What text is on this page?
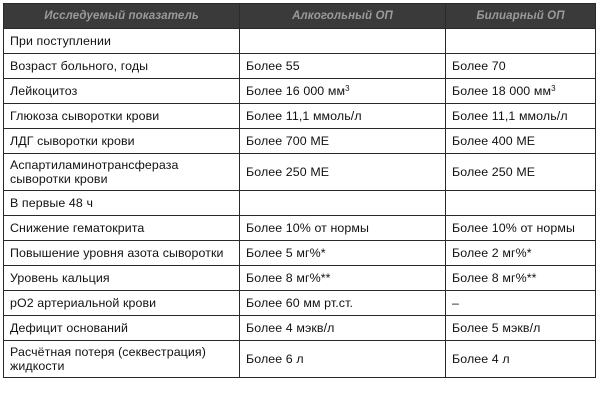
Исследуемый показатель	Алкогольный ОП	Билиарный ОП
При поступлении		
Возраст больного, годы	Более 55	Более 70
Лейкоцитоз	Более 16 000 $мм^3$	Более 18 000 $мм^3$
Глюкоза сыворотки крови	Более 11,1 ммоль/л	Более 11,1 ммоль/л
ЛДГ сыворотки крови	Более 700 МЕ	Более 400 МЕ
Аспартиламинотрансфераза сыворотки крови	Более 250 МЕ	Более 250 МЕ
В первые 48 ч		
Снижение гематокрита	Более 10% от нормы	Более 10% от нормы
Повышение уровня азота сыворотки	Более 5 мг%*	Более 2 мг%*
Уровень кальция	Более 8 мг%**	Более 8 мг%**
рО2 артериальной крови	Более 60 мм рт.ст.	–
Дефицит оснований	Более 4 мэкв/л	Более 5 мэкв/л
Расчётная потеря (секвестрация) жидкости	Более 6 л	Более 4 л
